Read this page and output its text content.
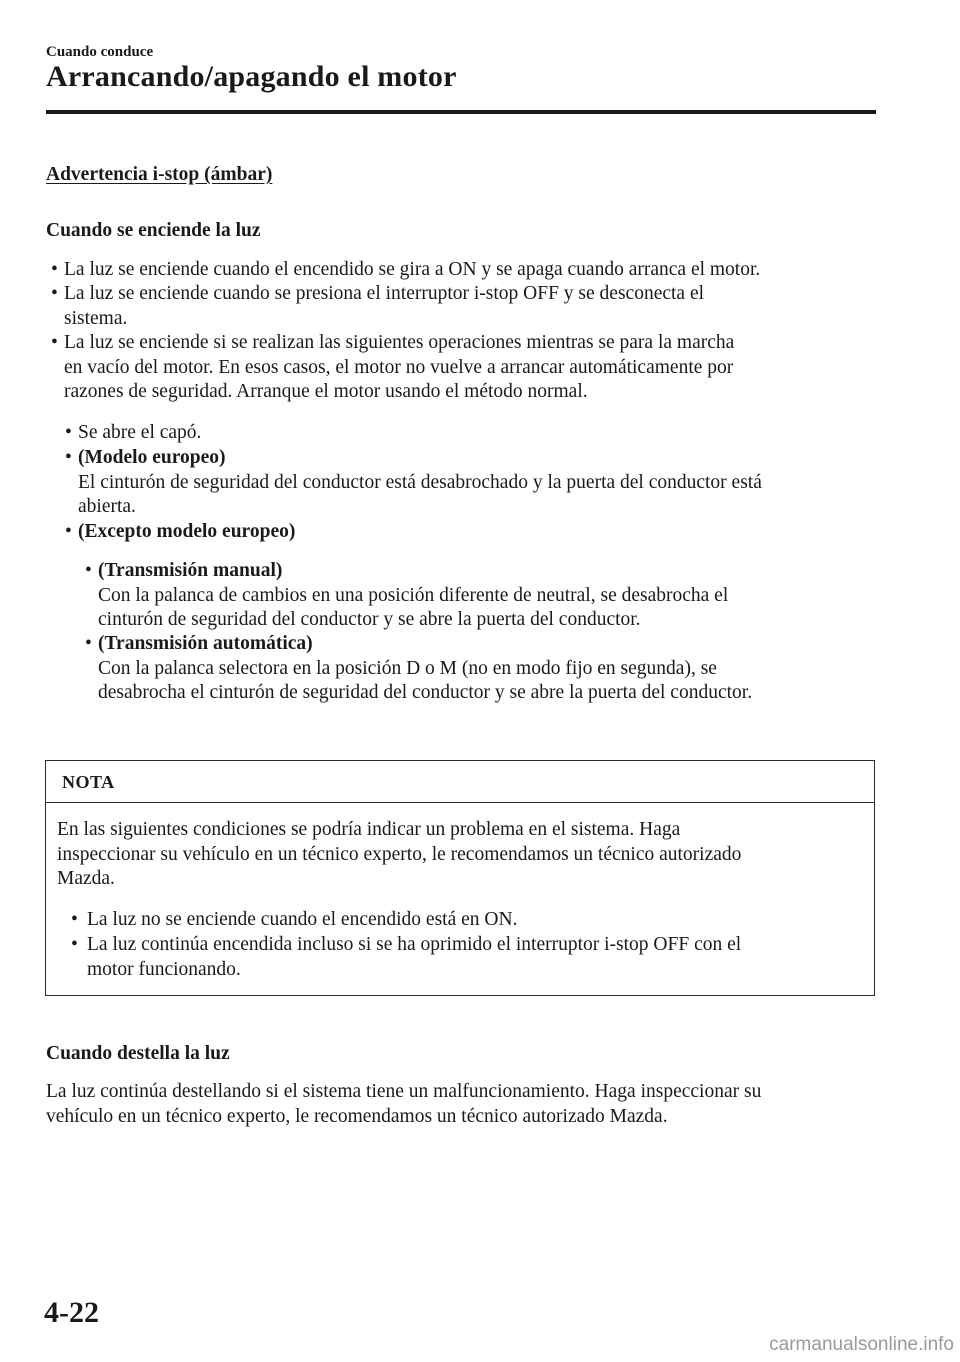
Cuando conduce
Arrancando/apagando el motor
Advertencia i-stop (ámbar)
Cuando se enciende la luz
• La luz se enciende cuando el encendido se gira a ON y se apaga cuando arranca el motor.
• La luz se enciende cuando se presiona el interruptor i-stop OFF y se desconecta el
sistema.
• La luz se enciende si se realizan las siguientes operaciones mientras se para la marcha
en vacío del motor. En esos casos, el motor no vuelve a arrancar automáticamente por
razones de seguridad. Arranque el motor usando el método normal.
• Se abre el capó.
• (Modelo europeo)
El cinturón de seguridad del conductor está desabrochado y la puerta del conductor está
abierta.
• (Excepto modelo europeo)
• (Transmisión manual)
Con la palanca de cambios en una posición diferente de neutral, se desabrocha el
cinturón de seguridad del conductor y se abre la puerta del conductor.
• (Transmisión automática)
Con la palanca selectora en la posición D o M (no en modo fijo en segunda), se
desabrocha el cinturón de seguridad del conductor y se abre la puerta del conductor.
NOTA
En las siguientes condiciones se podría indicar un problema en el sistema. Haga
inspeccionar su vehículo en un técnico experto, le recomendamos un técnico autorizado
Mazda.
• La luz no se enciende cuando el encendido está en ON.
• La luz continúa encendida incluso si se ha oprimido el interruptor i-stop OFF con el
motor funcionando.
Cuando destella la luz
La luz continúa destellando si el sistema tiene un malfuncionamiento. Haga inspeccionar su
vehículo en un técnico experto, le recomendamos un técnico autorizado Mazda.
4-22
carmanualsonline.info
